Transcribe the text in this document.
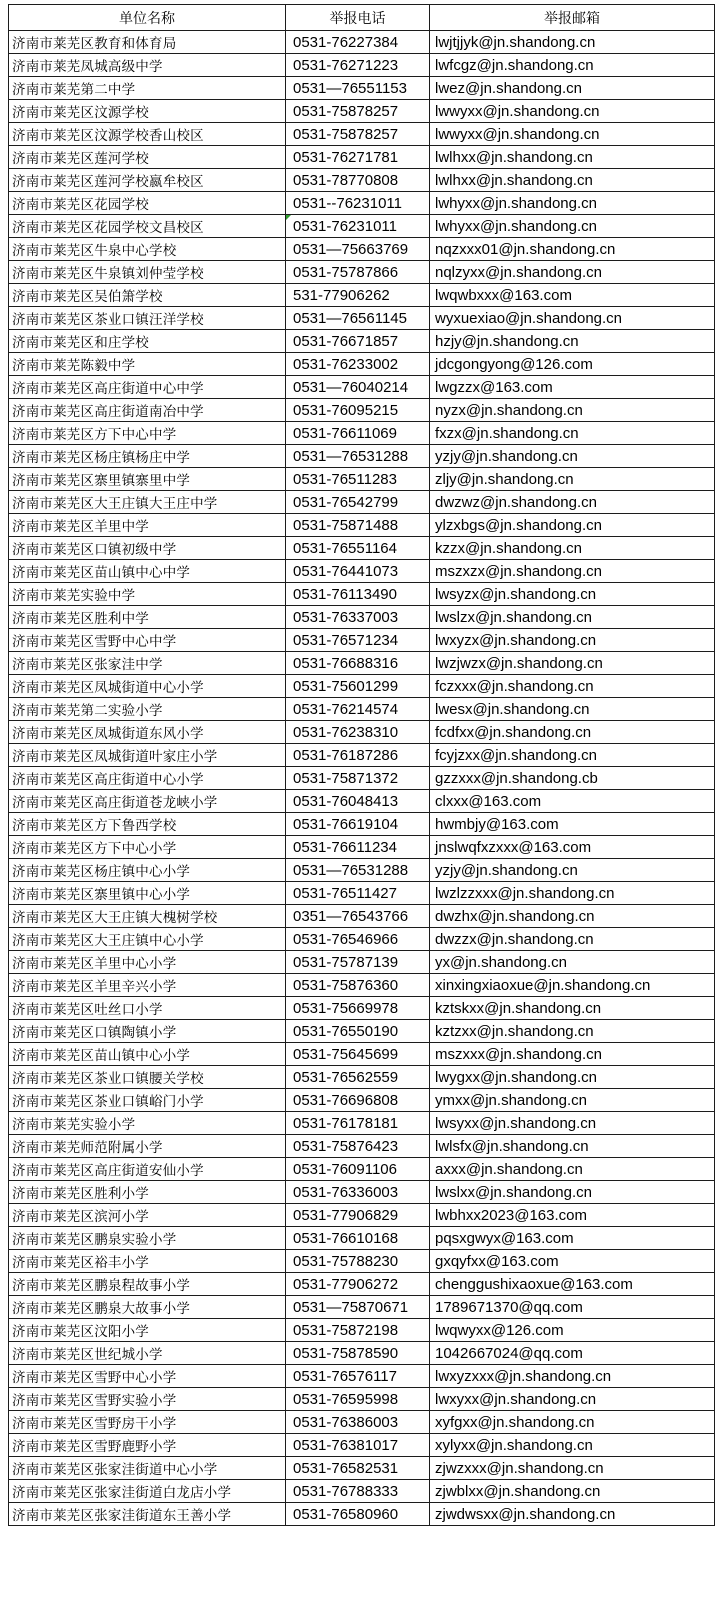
单位名称	举报电话	举报邮箱
济南市莱芜区教育和体育局	0531-76227384	lwjtjjyk@jn.shandong.cn
济南市莱芜凤城高级中学	0531-76271223	lwfcgz@jn.shandong.cn
济南市莱芜第二中学	0531—76551153	lwez@jn.shandong.cn
济南市莱芜区汶源学校	0531-75878257	lwwyxx@jn.shandong.cn
济南市莱芜区汶源学校香山校区	0531-75878257	lwwyxx@jn.shandong.cn
济南市莱芜区莲河学校	0531-76271781	lwlhxx@jn.shandong.cn
济南市莱芜区莲河学校嬴牟校区	0531-78770808	lwlhxx@jn.shandong.cn
济南市莱芜区花园学校	0531--76231011	lwhyxx@jn.shandong.cn
济南市莱芜区花园学校文昌校区	0531-76231011	lwhyxx@jn.shandong.cn
济南市莱芜区牛泉中心学校	0531—75663769	nqzxxx01@jn.shandong.cn
济南市莱芜区牛泉镇刘仲莹学校	0531-75787866	nqlzyxx@jn.shandong.cn
济南市莱芜区吴伯箫学校	531-77906262	lwqwbxxx@163.com
济南市莱芜区茶业口镇汪洋学校	0531—76561145	wyxuexiao@jn.shandong.cn
济南市莱芜区和庄学校	0531-76671857	hzjy@jn.shandong.cn
济南市莱芜陈毅中学	0531-76233002	jdcgongyong@126.com
济南市莱芜区高庄街道中心中学	0531—76040214	lwgzzx@163.com
济南市莱芜区高庄街道南冶中学	0531-76095215	nyzx@jn.shandong.cn
济南市莱芜区方下中心中学	0531-76611069	fxzx@jn.shandong.cn
济南市莱芜区杨庄镇杨庄中学	0531—76531288	yzjy@jn.shandong.cn
济南市莱芜区寨里镇寨里中学	0531-76511283	zljy@jn.shandong.cn
济南市莱芜区大王庄镇大王庄中学	0531-76542799	dwzwz@jn.shandong.cn
济南市莱芜区羊里中学	0531-75871488	ylzxbgs@jn.shandong.cn
济南市莱芜区口镇初级中学	0531-76551164	kzzx@jn.shandong.cn
济南市莱芜区苗山镇中心中学	0531-76441073	mszxzx@jn.shandong.cn
济南市莱芜实验中学	0531-76113490	lwsyzx@jn.shandong.cn
济南市莱芜区胜利中学	0531-76337003	lwslzx@jn.shandong.cn
济南市莱芜区雪野中心中学	0531-76571234	lwxyzx@jn.shandong.cn
济南市莱芜区张家洼中学	0531-76688316	lwzjwzx@jn.shandong.cn
济南市莱芜区凤城街道中心小学	0531-75601299	fczxxx@jn.shandong.cn
济南市莱芜第二实验小学	0531-76214574	lwesx@jn.shandong.cn
济南市莱芜区凤城街道东风小学	0531-76238310	fcdfxx@jn.shandong.cn
济南市莱芜区凤城街道叶家庄小学	0531-76187286	fcyjzxx@jn.shandong.cn
济南市莱芜区高庄街道中心小学	0531-75871372	gzzxxx@jn.shandong.cb
济南市莱芜区高庄街道苍龙峡小学	0531-76048413	clxxx@163.com
济南市莱芜区方下鲁西学校	0531-76619104	hwmbjy@163.com
济南市莱芜区方下中心小学	0531-76611234	jnslwqfxzxxx@163.com
济南市莱芜区杨庄镇中心小学	0531—76531288	yzjy@jn.shandong.cn
济南市莱芜区寨里镇中心小学	0531-76511427	lwzlzzxxx@jn.shandong.cn
济南市莱芜区大王庄镇大槐树学校	0351—76543766	dwzhx@jn.shandong.cn
济南市莱芜区大王庄镇中心小学	0531-76546966	dwzzx@jn.shandong.cn
济南市莱芜区羊里中心小学	0531-75787139	yx@jn.shandong.cn
济南市莱芜区羊里辛兴小学	0531-75876360	xinxingxiaoxue@jn.shandong.cn
济南市莱芜区吐丝口小学	0531-75669978	kztskxx@jn.shandong.cn
济南市莱芜区口镇陶镇小学	0531-76550190	kztzxx@jn.shandong.cn
济南市莱芜区苗山镇中心小学	0531-75645699	mszxxx@jn.shandong.cn
济南市莱芜区茶业口镇腰关学校	0531-76562559	lwygxx@jn.shandong.cn
济南市莱芜区茶业口镇峪门小学	0531-76696808	ymxx@jn.shandong.cn
济南市莱芜实验小学	0531-76178181	lwsyxx@jn.shandong.cn
济南市莱芜师范附属小学	0531-75876423	lwlsfx@jn.shandong.cn
济南市莱芜区高庄街道安仙小学	0531-76091106	axxx@jn.shandong.cn
济南市莱芜区胜利小学	0531-76336003	lwslxx@jn.shandong.cn
济南市莱芜区滨河小学	0531-77906829	lwbhxx2023@163.com
济南市莱芜区鹏泉实验小学	0531-76610168	pqsxgwyx@163.com
济南市莱芜区裕丰小学	0531-75788230	gxqyfxx@163.com
济南市莱芜区鹏泉程故事小学	0531-77906272	chenggushixaoxue@163.com
济南市莱芜区鹏泉大故事小学	0531—75870671	1789671370@qq.com
济南市莱芜区汶阳小学	0531-75872198	lwqwyxx@126.com
济南市莱芜区世纪城小学	0531-75878590	1042667024@qq.com
济南市莱芜区雪野中心小学	0531-76576117	lwxyzxxx@jn.shandong.cn
济南市莱芜区雪野实验小学	0531-76595998	lwxyxx@jn.shandong.cn
济南市莱芜区雪野房干小学	0531-76386003	xyfgxx@jn.shandong.cn
济南市莱芜区雪野鹿野小学	0531-76381017	xylyxx@jn.shandong.cn
济南市莱芜区张家洼街道中心小学	0531-76582531	zjwzxxx@jn.shandong.cn
济南市莱芜区张家洼街道白龙店小学	0531-76788333	zjwblxx@jn.shandong.cn
济南市莱芜区张家洼街道东王善小学	0531-76580960	zjwdwsxx@jn.shandong.cn
